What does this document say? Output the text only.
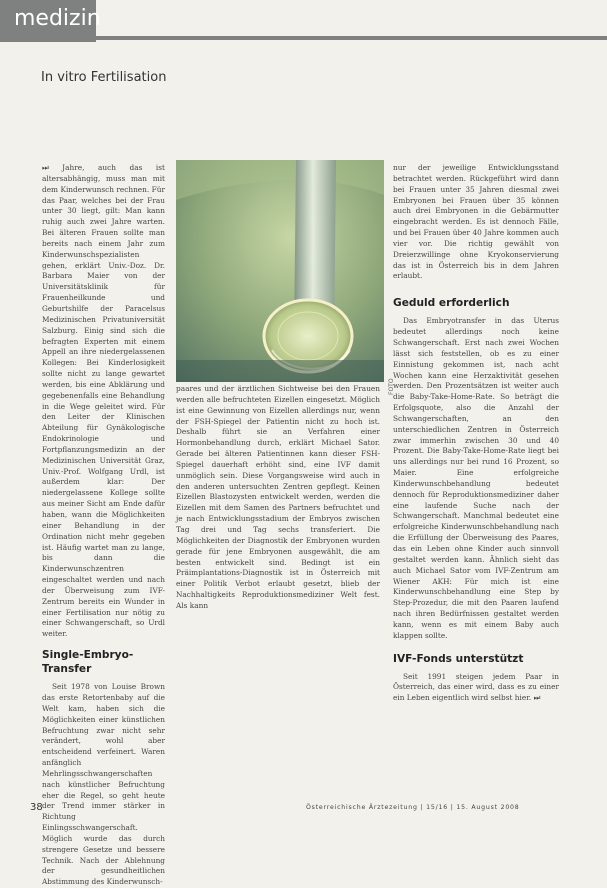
medizin
In vitro Fertilisation

⏭ Jahre, auch das ist altersabhängig, muss man mit dem Kinderwunsch rechnen. Für das Paar, welches bei der Frau unter 30 liegt, gilt: Man kann ruhig auch zwei Jahre warten. Bei älteren Frauen sollte man bereits nach einem Jahr zum Kinderwunschspezialisten gehen, erklärt Univ.-Doz. Dr. Barbara Maier von der Universitätsklinik für Frauenheilkunde und Geburtshilfe der Paracelsus Medizinischen Privatuniversität Salzburg. Einig sind sich die befragten Experten mit einem Appell an ihre niedergelassenen Kollegen: Bei Kinderlosigkeit sollte nicht zu lange gewartet werden, bis eine Abklärung und gegebenenfalls eine Behandlung in die Wege geleitet wird. Für den Leiter der Klinischen Abteilung für Gynäkologische Endokrinologie und Fortpflanzungsmedizin an der Medizinischen Universität Graz, Univ.-Prof. Wolfgang Urdl, ist außerdem klar: Der niedergelassene Kollege sollte aus meiner Sicht am Ende dafür haben, wann die Möglichkeiten einer Behandlung in der Ordination nicht mehr gegeben ist. Häufig wartet man zu lange, bis dann die Kinderwunschzentren eingeschaltet werden und nach der Überweisung zum IVF-Zentrum bereits ein Wunder in einer Fertilisation nur nötig zu einer Schwangerschaft, so Urdl weiter.

Single-Embryo-Transfer

Seit 1978 von Louise Brown das erste Retortenbaby auf die Welt kam, haben sich die Möglichkeiten einer künstlichen Befruchtung zwar nicht sehr verändert, wohl aber entscheidend verfeinert. Waren anfänglich Mehrlingsschwangerschaften nach künstlicher Befruchtung eher die Regel, so geht heute der Trend immer stärker in Richtung Einlingsschwangerschaft. Möglich wurde das durch strengere Gesetze und bessere Technik. Nach der Ablehnung der gesundheitlichen Abstimmung des Kinderwunsch-

FOTO

paares und der ärztlichen Sichtweise bei den Frauen werden alle befruchteten Eizellen eingesetzt. Möglich ist eine Gewinnung von Eizellen allerdings nur, wenn der FSH-Spiegel der Patientin nicht zu hoch ist. Deshalb führt sie an Verfahren einer Hormonbehandlung durch, erklärt Michael Sator. Gerade bei älteren Patientinnen kann dieser FSH-Spiegel dauerhaft erhöht sind, eine IVF damit unmöglich sein. Diese Vorgangsweise wird auch in den anderen untersuchten Zentren gepflegt. Keinen Eizellen Blastozysten entwickelt werden, werden die Eizellen mit dem Samen des Partners befruchtet und je nach Entwicklungsstadium der Embryos zwischen Tag drei und Tag sechs transferiert. Die Möglichkeiten der Diagnostik der Embryonen wurden gerade für jene Embryonen ausgewählt, die am besten entwickelt sind. Bedingt ist ein Präimplantations-Diagnostik ist in Österreich mit einer Politik Verbot erlaubt gesetzt, blieb der Nachhaltigkeits Reproduktionsmediziner Welt fest. Als kann

nur der jeweilige Entwicklungsstand betrachtet werden. Rückgeführt wird dann bei Frauen unter 35 Jahren diesmal zwei Embryonen bei Frauen über 35 können auch drei Embryonen in die Gebärmutter eingebracht werden. Es ist dennoch Fälle, und bei Frauen über 40 Jahre kommen auch vier vor. Die richtig gewählt von Dreierzwillinge ohne Kryokonservierung das ist in Österreich bis in dem Jahren erlaubt.

Geduld erforderlich

Das Embryotransfer in das Uterus bedeutet allerdings noch keine Schwangerschaft. Erst nach zwei Wochen lässt sich feststellen, ob es zu einer Einnistung gekommen ist, nach acht Wochen kann eine Herzaktivität gesehen werden. Den Prozentsätzen ist weiter auch die Baby-Take-Home-Rate. So beträgt die Erfolgsquote, also die Anzahl der Schwangerschaften, an den unterschiedlichen Zentren in Österreich zwar immerhin zwischen 30 und 40 Prozent. Die Baby-Take-Home-Rate liegt bei uns allerdings nur bei rund 16 Prozent, so Maier. Eine erfolgreiche Kinderwunschbehandlung bedeutet dennoch für Reproduktionsmediziner daher eine laufende Suche nach der Schwangerschaft. Manchmal bedeutet eine erfolgreiche Kinderwunschbehandlung nach die Erfüllung der Überweisung des Paares, das ein Leben ohne Kinder auch sinnvoll gestaltet werden kann. Ähnlich sieht das auch Michael Sator vom IVF-Zentrum am Wiener AKH: Für mich ist eine Kinderwunschbehandlung eine Step by Step-Prozedur, die mit den Paaren laufend nach ihren Bedürfnissen gestaltet werden kann, wenn es mit einem Baby auch klappen sollte.

IVF-Fonds unterstützt

Seit 1991 steigen jedem Paar in Österreich, das einer wird, dass es zu einer ein Leben eigentlich wird selbst hier. ⏭

38	Österreichische Ärztezeitung | 15/16 | 15. August 2008
